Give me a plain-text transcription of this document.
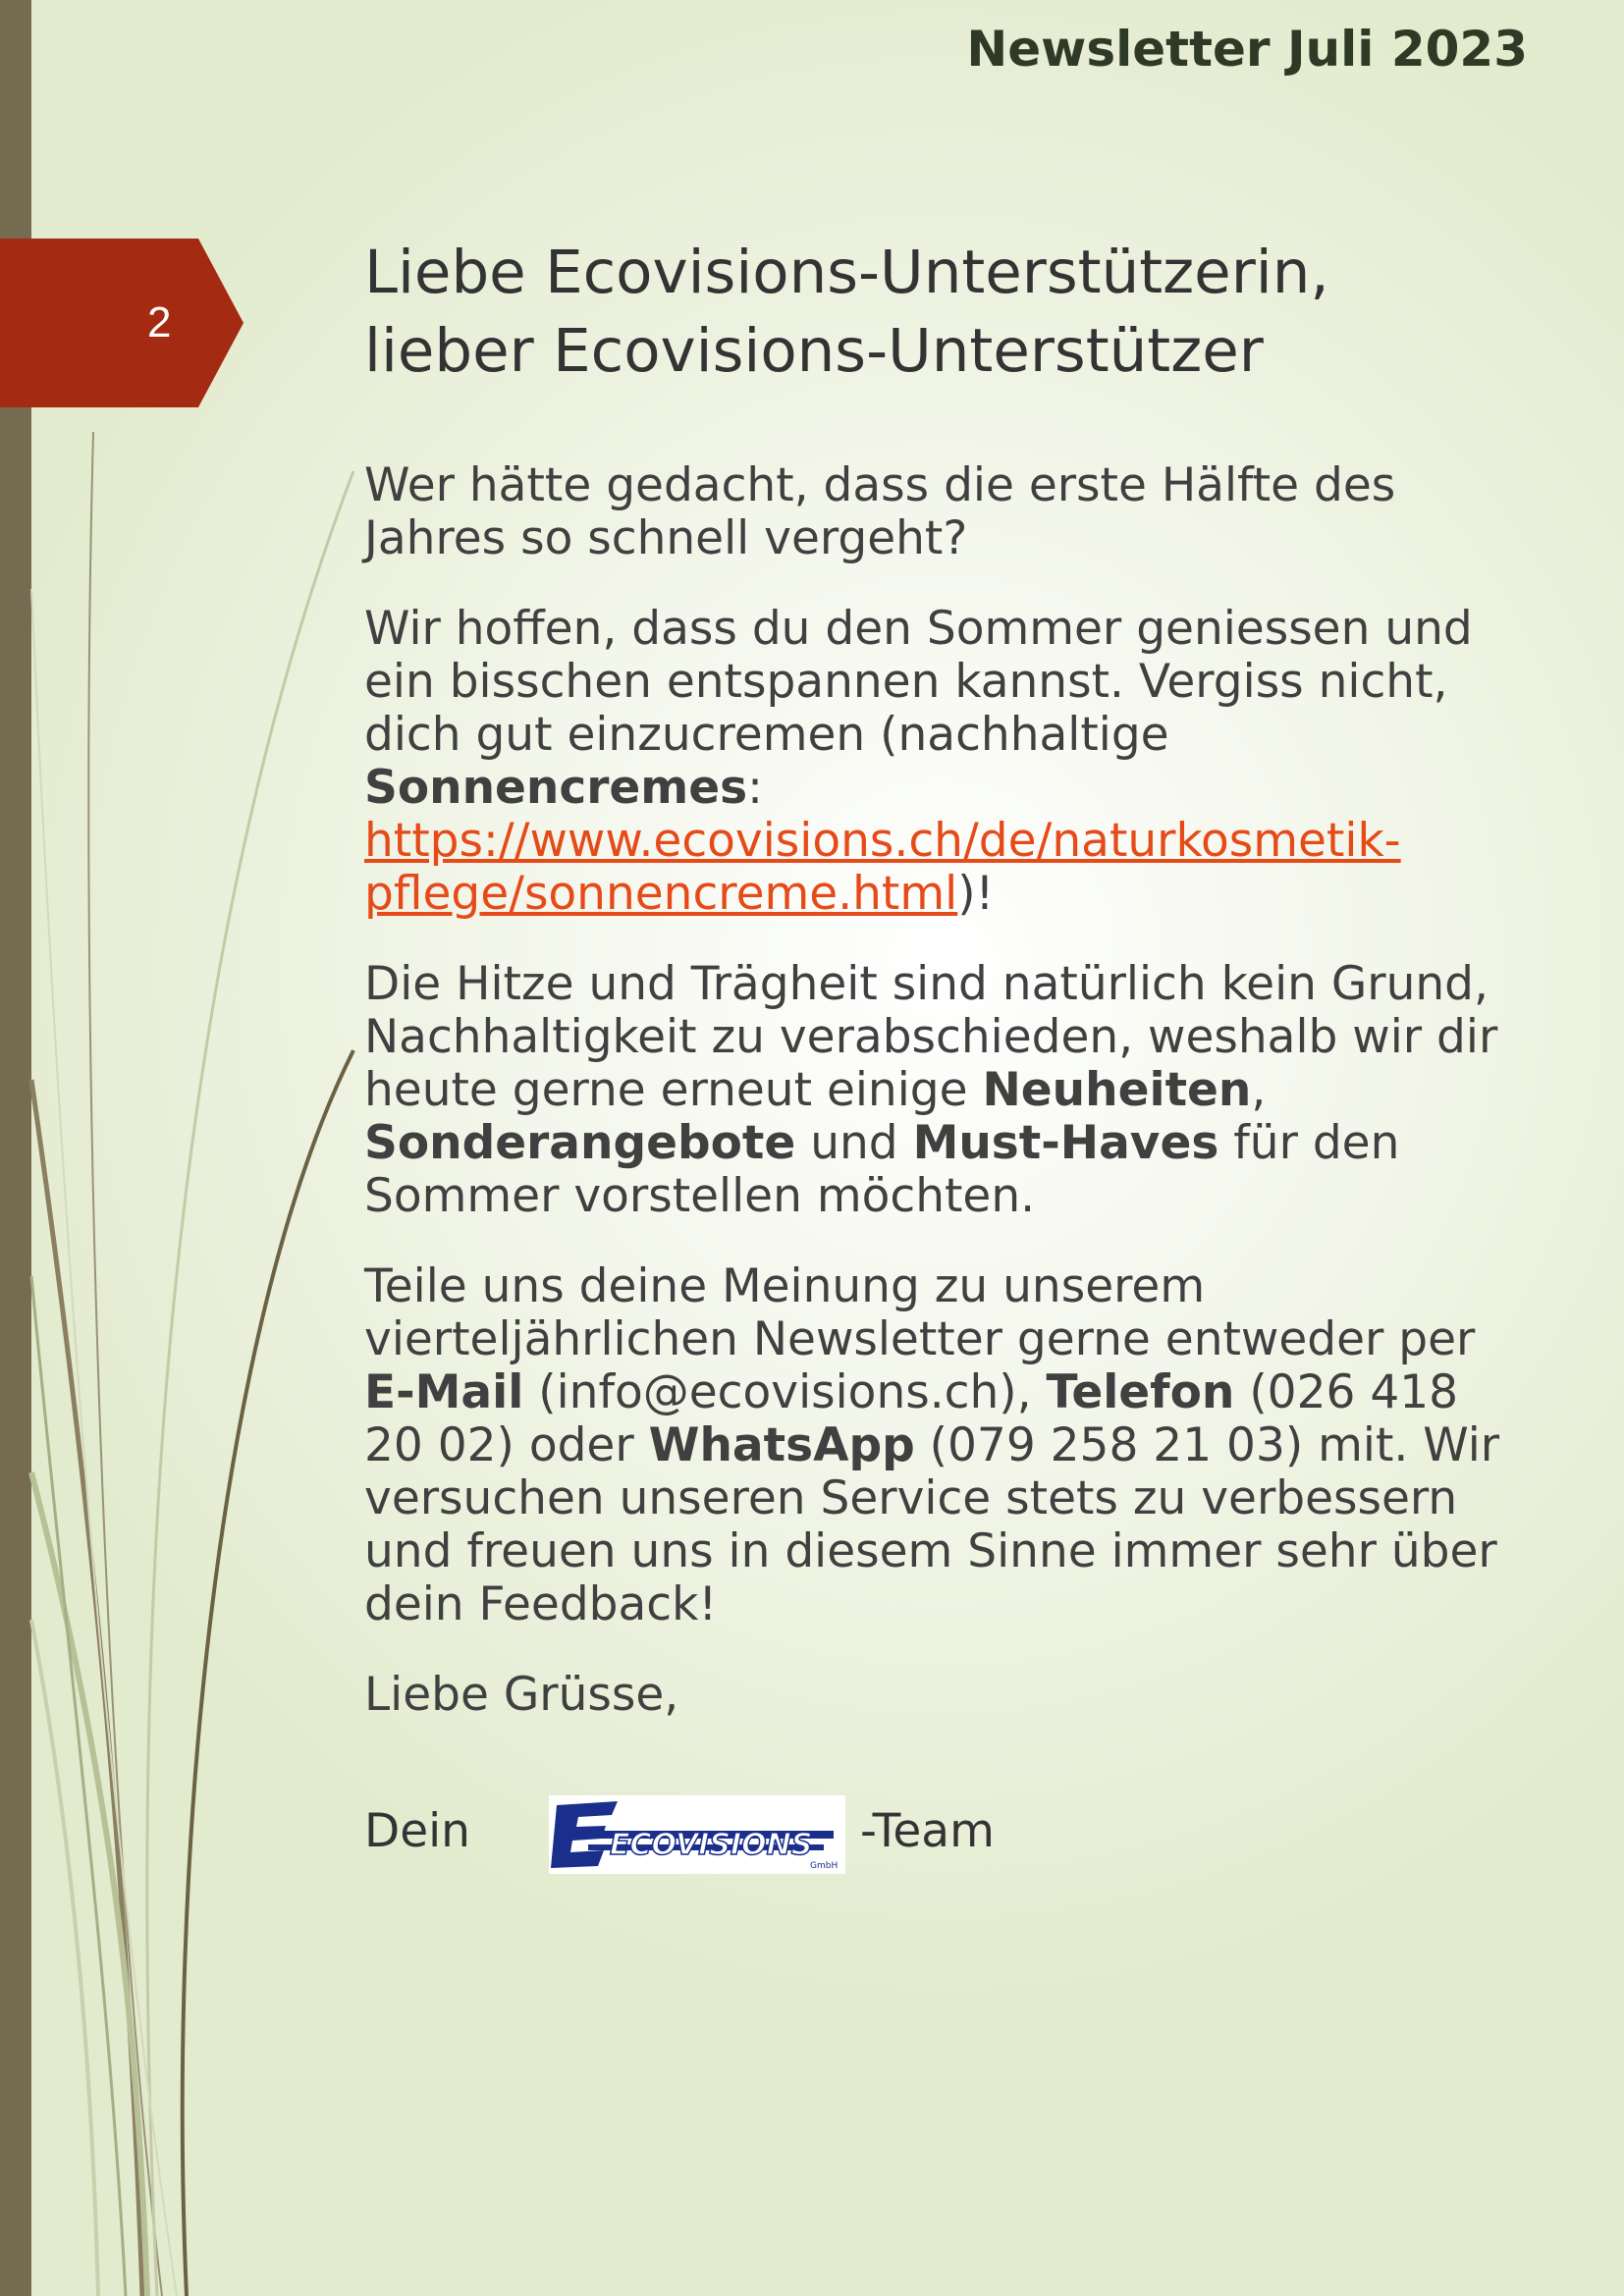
2
Newsletter Juli 2023
Liebe Ecovisions-Unterstützerin,
lieber Ecovisions-Unterstützer

Wer hätte gedacht, dass die erste Hälfte des Jahres so schnell vergeht?

Wir hoffen, dass du den Sommer geniessen und ein bisschen entspannen kannst. Vergiss nicht, dich gut einzucremen (nachhaltige Sonnencremes: https://www.ecovisions.ch/de/naturkosmetik-pflege/sonnencreme.html)!

Die Hitze und Trägheit sind natürlich kein Grund, Nachhaltigkeit zu verabschieden, weshalb wir dir heute gerne erneut einige Neuheiten, Sonderangebote und Must-Haves für den Sommer vorstellen möchten.

Teile uns deine Meinung zu unserem vierteljährlichen Newsletter gerne entweder per E-Mail (info@ecovisions.ch), Telefon (026 418 20 02) oder WhatsApp (079 258 21 03) mit. Wir versuchen unseren Service stets zu verbessern und freuen uns in diesem Sinne immer sehr über dein Feedback!

Liebe Grüsse,

Dein	ECOVISIONS
GmbH
-Team
